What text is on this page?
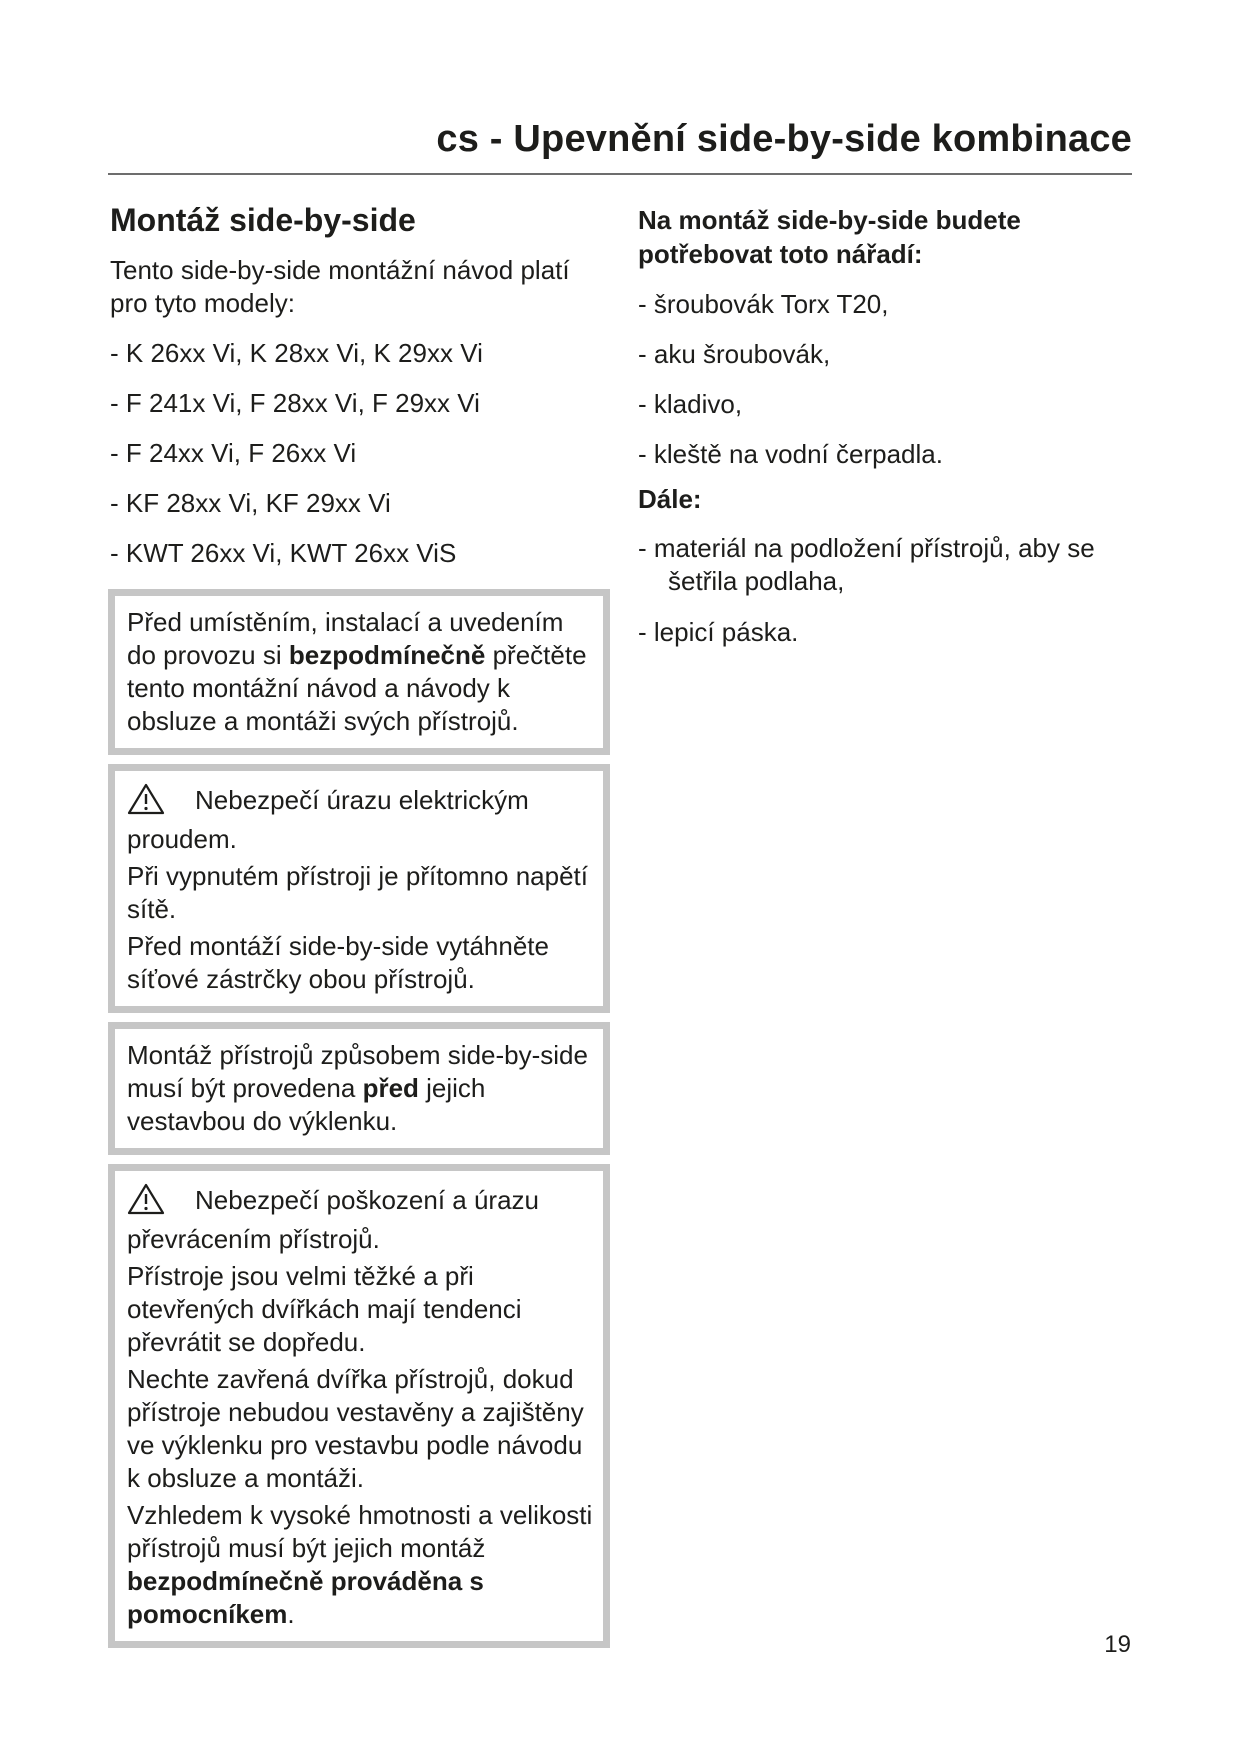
cs - Upevnění side-by-side kombinace
Montáž side-by-side

Tento side-by-side montážní návod platí pro tyto modely:

- K 26xx Vi, K 28xx Vi, K 29xx Vi
- F 241x Vi, F 28xx Vi, F 29xx Vi
- F 24xx Vi, F 26xx Vi
- KF 28xx Vi, KF 29xx Vi
- KWT 26xx Vi, KWT 26xx ViS

Před umístěním, instalací a uvedením do provozu si bezpodmínečně přečtěte tento montážní návod a návody k obsluze a montáži svých přístrojů.

Nebezpečí úrazu elektrickým proudem.

Při vypnutém přístroji je přítomno napětí sítě.

Před montáží side-by-side vytáhněte síťové zástrčky obou přístrojů.

Montáž přístrojů způsobem side-by-side musí být provedena před jejich vestavbou do výklenku.

Nebezpečí poškození a úrazu převrácením přístrojů.

Přístroje jsou velmi těžké a při otevřených dvířkách mají tendenci převrátit se dopředu.

Nechte zavřená dvířka přístrojů, dokud přístroje nebudou vestavěny a zajištěny ve výklenku pro vestavbu podle návodu k obsluze a montáži.

Vzhledem k vysoké hmotnosti a velikosti přístrojů musí být jejich montáž bezpodmínečně prováděna s pomocníkem.

Na montáž side-by-side budete potřebovat toto nářadí:
- šroubovák Torx T20,
- aku šroubovák,
- kladivo,
- kleště na vodní čerpadla.

Dále:

- materiál na podložení přístrojů, aby se šetřila podlaha,
- lepicí páska.

19
